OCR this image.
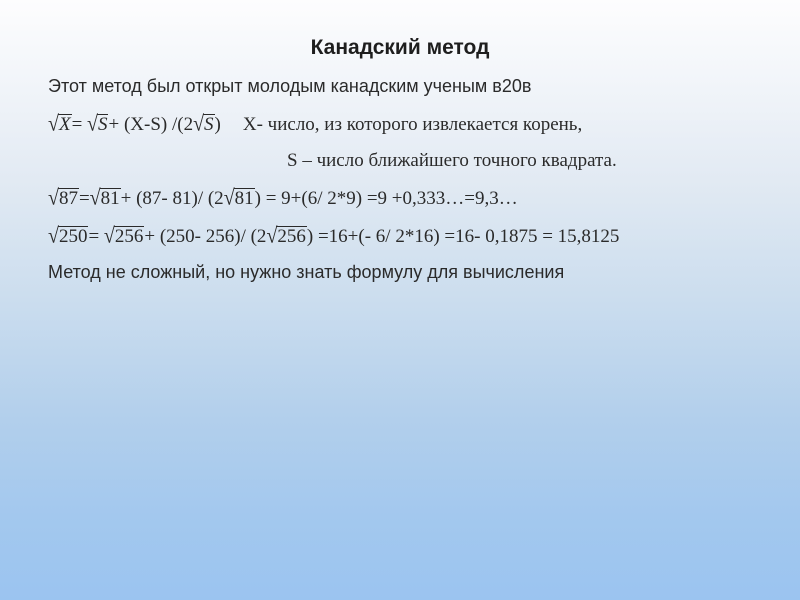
Канадский метод
Этот метод был открыт молодым канадским ученым в20в
√X= √S+ (X-S) /(2√S) X- число, из которого извлекается корень,
S – число ближайшего точного квадрата.
√87=√81+ (87- 81)/ (2√81) = 9+(6/ 2*9) =9 +0,333…=9,3…
√250= √256+ (250- 256)/ (2√256) =16+(- 6/ 2*16) =16- 0,1875 = 15,8125
Метод не сложный, но нужно знать формулу для вычисления
